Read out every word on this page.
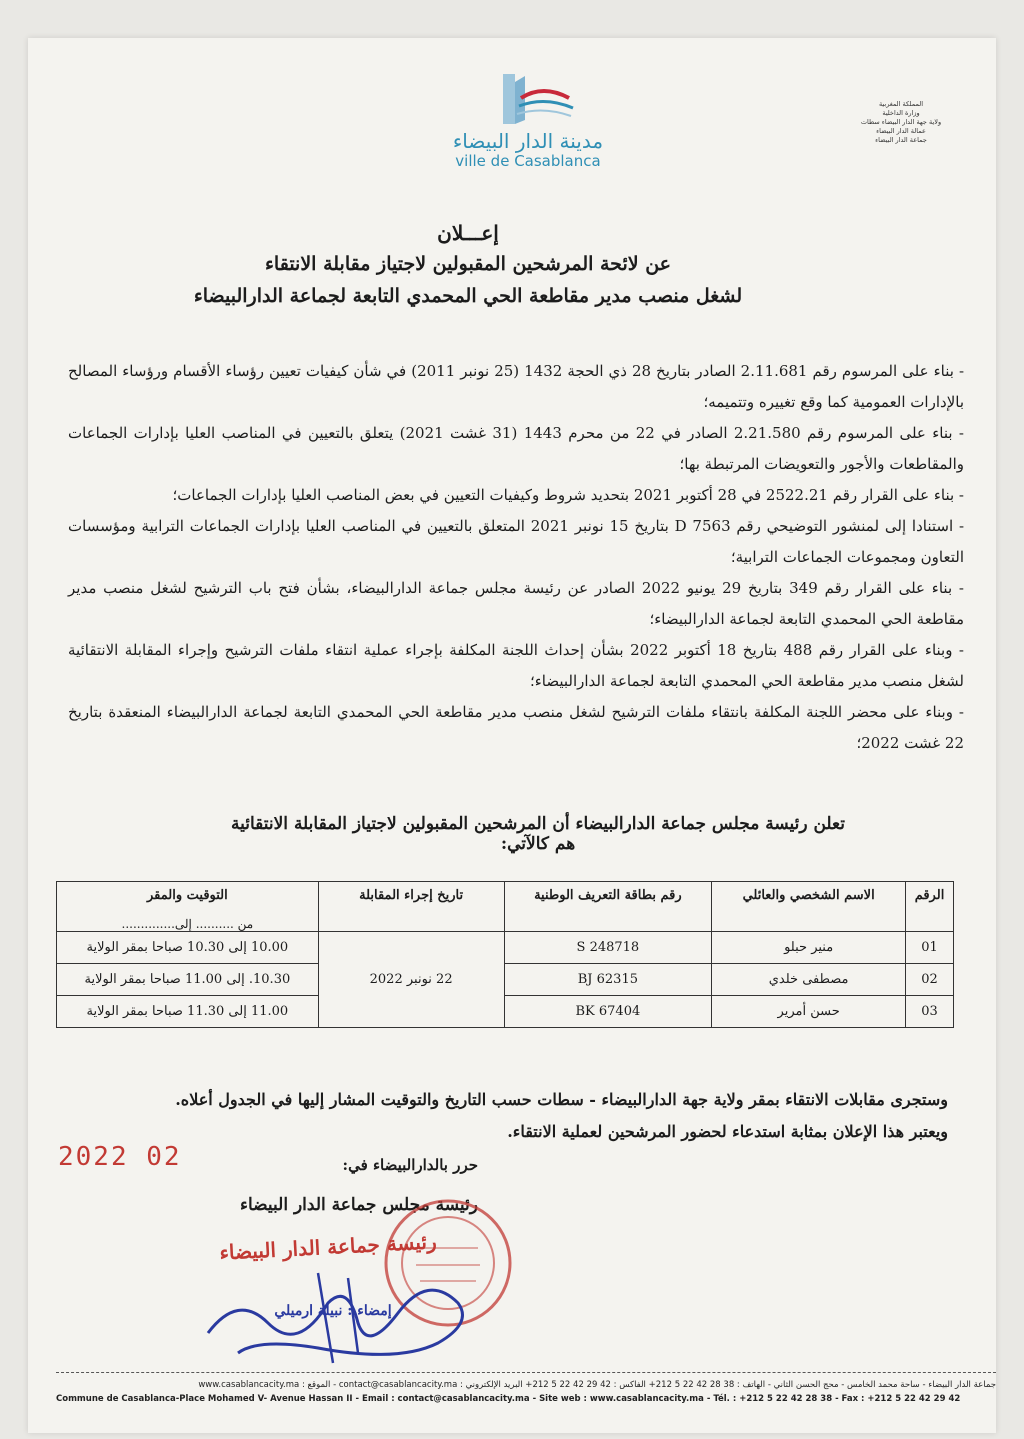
مدينة الدار البيضاء
ville de Casablanca
المملكة المغربية
وزارة الداخلية
ولاية جهة الدار البيضاء سطات
عمالة الدار البيضاء
جماعة الدار البيضاء
إعـــلان
عن لائحة المرشحين المقبولين لاجتياز مقابلة الانتقاء
لشغل منصب مدير مقاطعة الحي المحمدي التابعة لجماعة الدارالبيضاء

- بناء على المرسوم رقم 2.11.681 الصادر بتاريخ 28 ذي الحجة 1432 (25 نونبر 2011) في شأن كيفيات تعيين رؤساء الأقسام ورؤساء المصالح بالإدارات العمومية كما وقع تغييره وتتميمه؛

- بناء على المرسوم رقم 2.21.580 الصادر في 22 من محرم 1443 (31 غشت 2021) يتعلق بالتعيين في المناصب العليا بإدارات الجماعات والمقاطعات والأجور والتعويضات المرتبطة بها؛

- بناء على القرار رقم 2522.21 في 28 أكتوبر 2021 بتحديد شروط وكيفيات التعيين في بعض المناصب العليا بإدارات الجماعات؛

- استنادا إلى لمنشور التوضيحي رقم D 7563 بتاريخ 15 نونبر 2021 المتعلق بالتعيين في المناصب العليا بإدارات الجماعات الترابية ومؤسسات التعاون ومجموعات الجماعات الترابية؛

- بناء على القرار رقم 349 بتاريخ 29 يونيو 2022 الصادر عن رئيسة مجلس جماعة الدارالبيضاء، بشأن فتح باب الترشيح لشغل منصب مدير مقاطعة الحي المحمدي التابعة لجماعة الدارالبيضاء؛

- وبناء على القرار رقم 488 بتاريخ 18 أكتوبر 2022 بشأن إحداث اللجنة المكلفة بإجراء عملية انتقاء ملفات الترشيح وإجراء المقابلة الانتقائية لشغل منصب مدير مقاطعة الحي المحمدي التابعة لجماعة الدارالبيضاء؛

- وبناء على محضر اللجنة المكلفة بانتقاء ملفات الترشيح لشغل منصب مدير مقاطعة الحي المحمدي التابعة لجماعة الدارالبيضاء المنعقدة بتاريخ 22 غشت 2022؛

تعلن رئيسة مجلس جماعة الدارالبيضاء أن المرشحين المقبولين لاجتياز المقابلة الانتقائية هم كالآتي:
الرقم	الاسم الشخصي والعائلي	رقم بطاقة التعريف الوطنية	تاريخ إجراء المقابلة	التوقيت والمقر
من .......... إلى..............

01	منير حبلو	S 248718	22 نونبر 2022	10.00 إلى 10.30 صباحا بمقر الولاية
02	مصطفى خلدي	BJ 62315		10.30. إلى 11.00 صباحا بمقر الولاية
03	حسن أمرير	BK 67404		11.00 إلى 11.30 صباحا بمقر الولاية
وستجرى مقابلات الانتقاء بمقر ولاية جهة الدارالبيضاء - سطات حسب التاريخ والتوقيت المشار إليها في الجدول أعلاه.
ويعتبر هذا الإعلان بمثابة استدعاء لحضور المرشحين لعملية الانتقاء.
2022 02	حرر بالدارالبيضاء في:
رئيسة مجلس جماعة الدار البيضاء
رئيسة جماعة الدار البيضاء
إمضاء : نبيلة ارميلي
جماعة الدار البيضاء - ساحة محمد الخامس - محج الحسن الثاني - الهاتف : 38 28 42 22 5 212+ الفاكس : 42 29 42 22 5 212+ البريد الإلكتروني : contact@casablancacity.ma - الموقع : www.casablancacity.ma
Commune de Casablanca-Place Mohamed V- Avenue Hassan II - Email : contact@casablancacity.ma - Site web : www.casablancacity.ma - Tél. : +212 5 22 42 28 38 - Fax : +212 5 22 42 29 42
